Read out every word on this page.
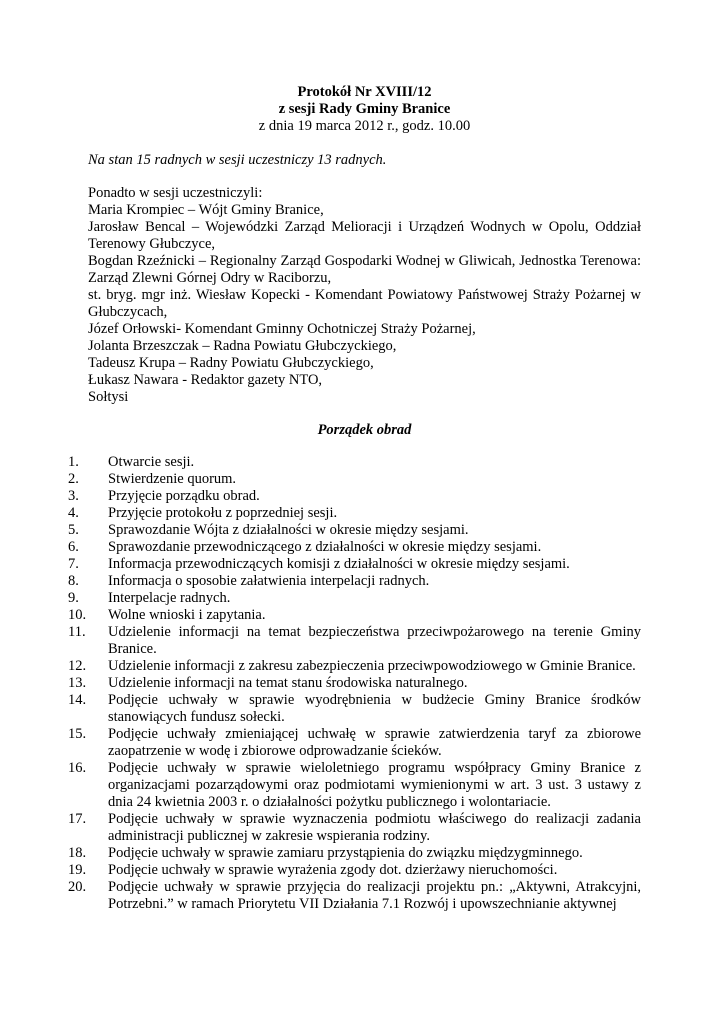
Protokół Nr XVIII/12
z sesji Rady Gminy Branice
z dnia 19 marca 2012 r., godz. 10.00
Na stan 15 radnych w sesji uczestniczy 13 radnych.
Ponadto w sesji uczestniczyli:
Maria Krompiec – Wójt Gminy Branice,
Jarosław Bencal – Wojewódzki Zarząd Melioracji i Urządzeń Wodnych w Opolu, Oddział Terenowy Głubczyce,
Bogdan Rzeźnicki – Regionalny Zarząd Gospodarki Wodnej w Gliwicah, Jednostka Terenowa: Zarząd Zlewni Górnej Odry w Raciborzu,
st. bryg. mgr inż. Wiesław Kopecki - Komendant Powiatowy Państwowej Straży Pożarnej w Głubczycach,
Józef Orłowski- Komendant Gminny Ochotniczej Straży Pożarnej,
Jolanta Brzeszczak – Radna Powiatu Głubczyckiego,
Tadeusz Krupa – Radny Powiatu Głubczyckiego,
Łukasz Nawara - Redaktor gazety NTO,
Sołtysi
Porządek obrad
1.	Otwarcie sesji.
2.	Stwierdzenie quorum.
3.	Przyjęcie porządku obrad.
4.	Przyjęcie protokołu z poprzedniej sesji.
5.	Sprawozdanie Wójta z działalności w okresie między sesjami.
6.	Sprawozdanie przewodniczącego z działalności w okresie między sesjami.
7.	Informacja przewodniczących komisji z działalności w okresie między sesjami.
8.	Informacja o sposobie załatwienia interpelacji radnych.
9.	Interpelacje radnych.
10.	Wolne wnioski i zapytania.
11.	Udzielenie informacji na temat bezpieczeństwa przeciwpożarowego na terenie Gminy Branice.
12.	Udzielenie informacji z zakresu zabezpieczenia przeciwpowodziowego w Gminie Branice.
13.	Udzielenie informacji na temat stanu środowiska naturalnego.
14.	Podjęcie uchwały w sprawie wyodrębnienia w budżecie Gminy Branice środków stanowiących fundusz sołecki.
15.	Podjęcie uchwały zmieniającej uchwałę w sprawie zatwierdzenia taryf za zbiorowe zaopatrzenie w wodę i zbiorowe odprowadzanie ścieków.
16.	Podjęcie uchwały w sprawie wieloletniego programu współpracy Gminy Branice z organizacjami pozarządowymi oraz podmiotami wymienionymi w art. 3 ust. 3 ustawy z dnia 24 kwietnia 2003 r. o działalności pożytku publicznego i wolontariacie.
17.	Podjęcie uchwały w sprawie wyznaczenia podmiotu właściwego do realizacji zadania administracji publicznej w zakresie wspierania rodziny.
18.	Podjęcie uchwały w sprawie zamiaru przystąpienia do związku międzygminnego.
19.	Podjęcie uchwały w sprawie wyrażenia zgody dot. dzierżawy nieruchomości.
20.	Podjęcie uchwały w sprawie przyjęcia do realizacji projektu pn.: „Aktywni, Atrakcyjni, Potrzebni.” w ramach Priorytetu VII Działania 7.1 Rozwój i upowszechnianie aktywnej
